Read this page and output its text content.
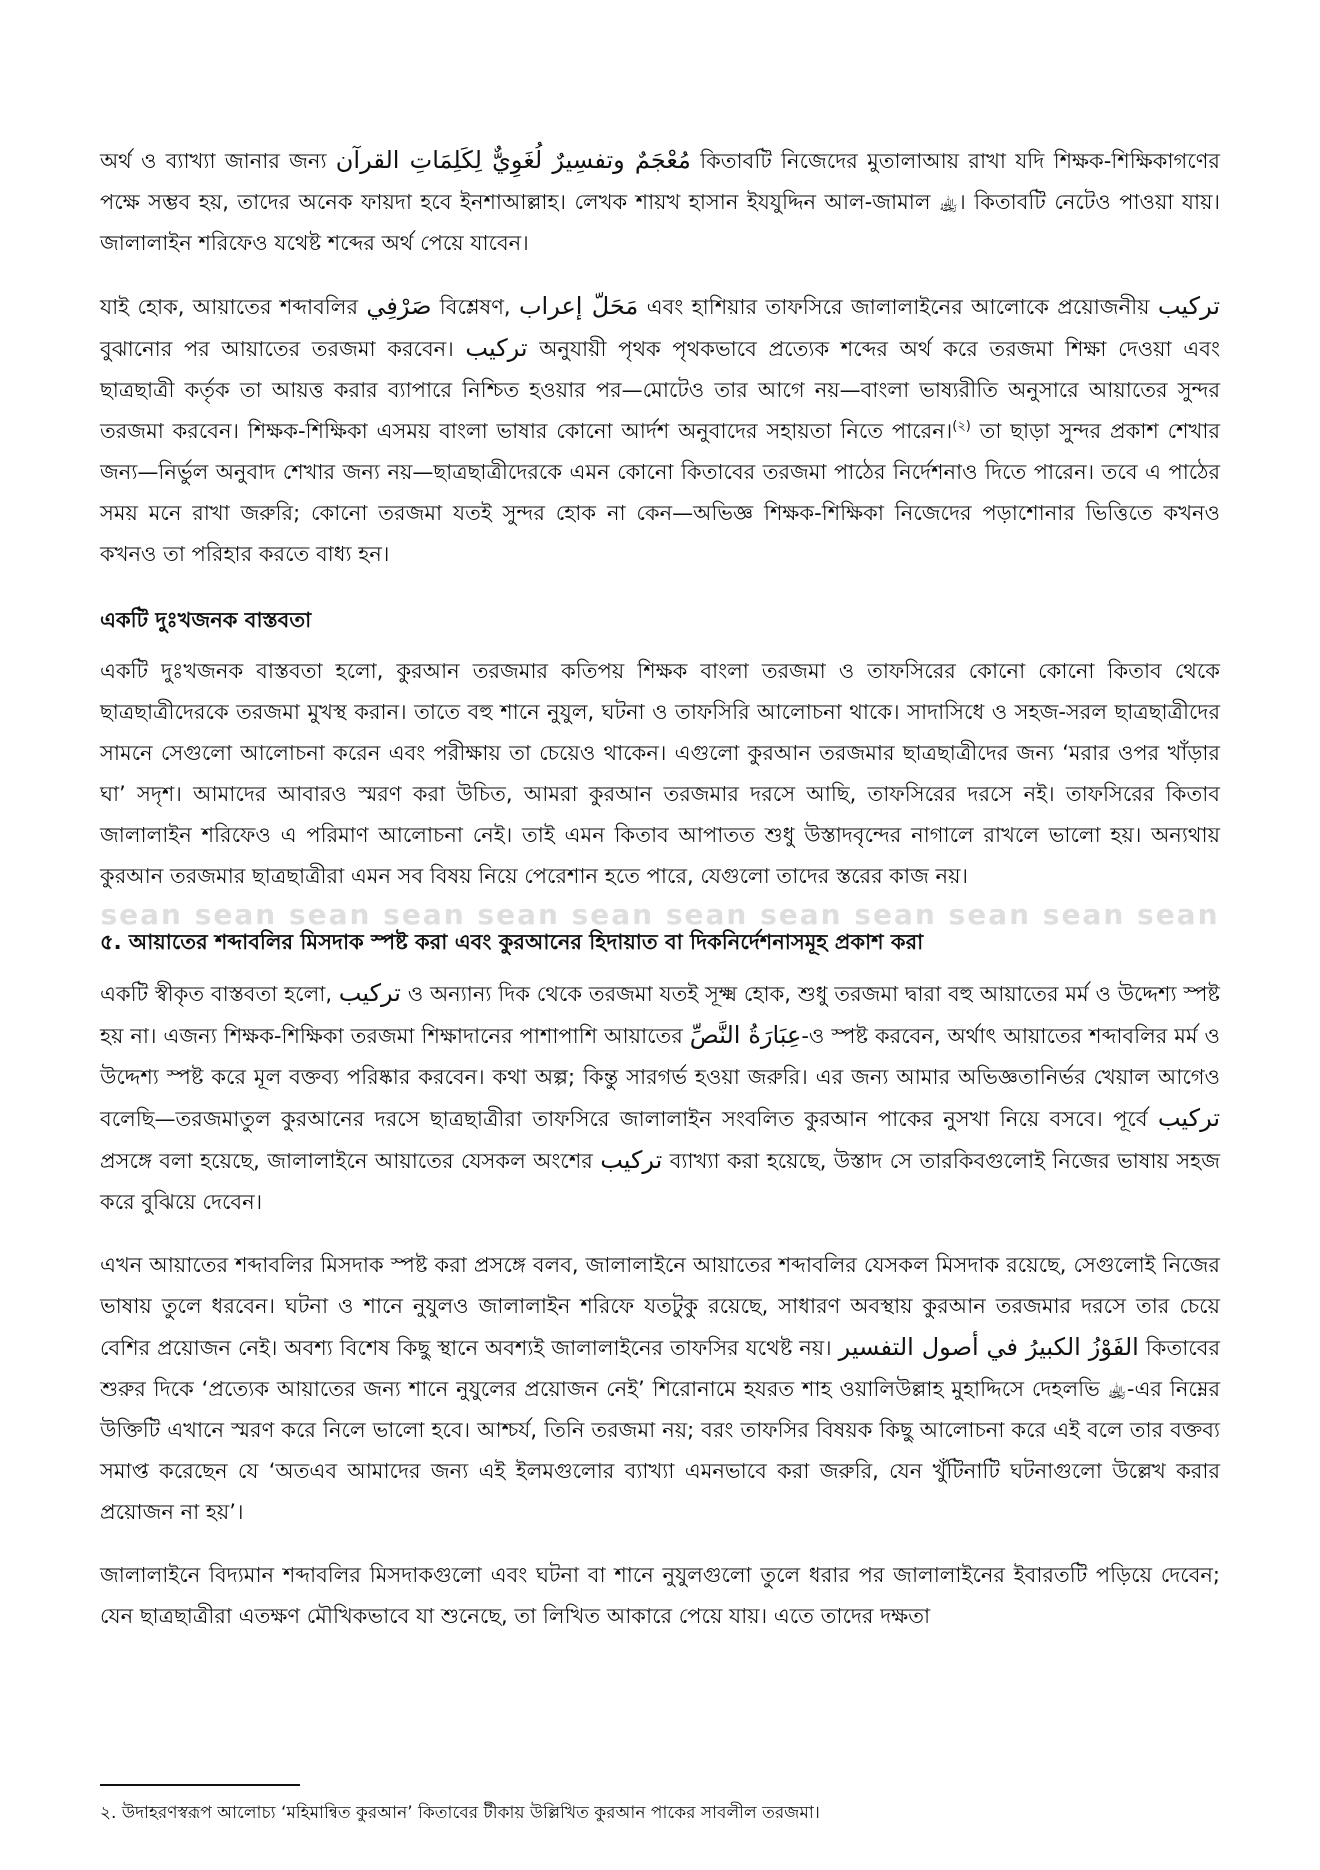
sean sean sean sean sean sean sean sean sean sean sean sean

অর্থ ও ব্যাখ্যা জানার জন্য مُعْجَمٌ وتفسِيرٌ لُغَوِيٌّ لِكَلِمَاتِ القرآن কিতাবটি নিজেদের মুতালাআয় রাখা যদি শিক্ষক-শিক্ষিকাগণের পক্ষে সম্ভব হয়, তাদের অনেক ফায়দা হবে ইনশাআল্লাহ। লেখক শায়খ হাসান ইযযুদ্দিন আল-জামাল ﵀। কিতাবটি নেটেও পাওয়া যায়। জালালাইন শরিফেও যথেষ্ট শব্দের অর্থ পেয়ে যাবেন।

যাই হোক, আয়াতের শব্দাবলির صَرْفِي বিশ্লেষণ, مَحَلّ إعراب এবং হাশিয়ার তাফসিরে জালালাইনের আলোকে প্রয়োজনীয় تركيب বুঝানোর পর আয়াতের তরজমা করবেন। تركيب অনুযায়ী পৃথক পৃথকভাবে প্রত্যেক শব্দের অর্থ করে তরজমা শিক্ষা দেওয়া এবং ছাত্রছাত্রী কর্তৃক তা আয়ত্ত করার ব্যাপারে নিশ্চিত হওয়ার পর—মোটেও তার আগে নয়—বাংলা ভাষ্যরীতি অনুসারে আয়াতের সুন্দর তরজমা করবেন। শিক্ষক-শিক্ষিকা এসময় বাংলা ভাষার কোনো আর্দশ অনুবাদের সহায়তা নিতে পারেন।$^{(২)}$ তা ছাড়া সুন্দর প্রকাশ শেখার জন্য—নির্ভুল অনুবাদ শেখার জন্য নয়—ছাত্রছাত্রীদেরকে এমন কোনো কিতাবের তরজমা পাঠের নির্দেশনাও দিতে পারেন। তবে এ পাঠের সময় মনে রাখা জরুরি; কোনো তরজমা যতই সুন্দর হোক না কেন—অভিজ্ঞ শিক্ষক-শিক্ষিকা নিজেদের পড়াশোনার ভিত্তিতে কখনও কখনও তা পরিহার করতে বাধ্য হন।

একটি দুঃখজনক বাস্তবতা

একটি দুঃখজনক বাস্তবতা হলো, কুরআন তরজমার কতিপয় শিক্ষক বাংলা তরজমা ও তাফসিরের কোনো কোনো কিতাব থেকে ছাত্রছাত্রীদেরকে তরজমা মুখস্থ করান। তাতে বহু শানে নুযুল, ঘটনা ও তাফসিরি আলোচনা থাকে। সাদাসিধে ও সহজ-সরল ছাত্রছাত্রীদের সামনে সেগুলো আলোচনা করেন এবং পরীক্ষায় তা চেয়েও থাকেন। এগুলো কুরআন তরজমার ছাত্রছাত্রীদের জন্য ‘মরার ওপর খাঁড়ার ঘা’ সদৃশ। আমাদের আবারও স্মরণ করা উচিত, আমরা কুরআন তরজমার দরসে আছি, তাফসিরের দরসে নই। তাফসিরের কিতাব জালালাইন শরিফেও এ পরিমাণ আলোচনা নেই। তাই এমন কিতাব আপাতত শুধু উস্তাদবৃন্দের নাগালে রাখলে ভালো হয়। অন্যথায় কুরআন তরজমার ছাত্রছাত্রীরা এমন সব বিষয় নিয়ে পেরেশান হতে পারে, যেগুলো তাদের স্তরের কাজ নয়।

৫. আয়াতের শব্দাবলির মিসদাক স্পষ্ট করা এবং কুরআনের হিদায়াত বা দিকনির্দেশনাসমূহ প্রকাশ করা

একটি স্বীকৃত বাস্তবতা হলো, تركيب ও অন্যান্য দিক থেকে তরজমা যতই সূক্ষ্ম হোক, শুধু তরজমা দ্বারা বহু আয়াতের মর্ম ও উদ্দেশ্য স্পষ্ট হয় না। এজন্য শিক্ষক-শিক্ষিকা তরজমা শিক্ষাদানের পাশাপাশি আয়াতের عِبَارَةُ النَّصِّ-ও স্পষ্ট করবেন, অর্থাৎ আয়াতের শব্দাবলির মর্ম ও উদ্দেশ্য স্পষ্ট করে মূল বক্তব্য পরিষ্কার করবেন। কথা অল্প; কিন্তু সারগর্ভ হওয়া জরুরি। এর জন্য আমার অভিজ্ঞতানির্ভর খেয়াল আগেও বলেছি—তরজমাতুল কুরআনের দরসে ছাত্রছাত্রীরা তাফসিরে জালালাইন সংবলিত কুরআন পাকের নুসখা নিয়ে বসবে। পূর্বে تركيب প্রসঙ্গে বলা হয়েছে, জালালাইনে আয়াতের যেসকল অংশের تركيب ব্যাখ্যা করা হয়েছে, উস্তাদ সে তারকিবগুলোই নিজের ভাষায় সহজ করে বুঝিয়ে দেবেন।

এখন আয়াতের শব্দাবলির মিসদাক স্পষ্ট করা প্রসঙ্গে বলব, জালালাইনে আয়াতের শব্দাবলির যেসকল মিসদাক রয়েছে, সেগুলোই নিজের ভাষায় তুলে ধরবেন। ঘটনা ও শানে নুযুলও জালালাইন শরিফে যতটুকু রয়েছে, সাধারণ অবস্থায় কুরআন তরজমার দরসে তার চেয়ে বেশির প্রয়োজন নেই। অবশ্য বিশেষ কিছু স্থানে অবশ্যই জালালাইনের তাফসির যথেষ্ট নয়। الفَوْزُ الكبيرُ في أصول التفسير কিতাবের শুরুর দিকে ‘প্রত্যেক আয়াতের জন্য শানে নুযুলের প্রয়োজন নেই’ শিরোনামে হযরত শাহ ওয়ালিউল্লাহ মুহাদ্দিসে দেহলভি ﵀-এর নিম্নের উক্তিটি এখানে স্মরণ করে নিলে ভালো হবে। আশ্চর্য, তিনি তরজমা নয়; বরং তাফসির বিষয়ক কিছু আলোচনা করে এই বলে তার বক্তব্য সমাপ্ত করেছেন যে ‘অতএব আমাদের জন্য এই ইলমগুলোর ব্যাখ্যা এমনভাবে করা জরুরি, যেন খুঁটিনাটি ঘটনাগুলো উল্লেখ করার প্রয়োজন না হয়’।

জালালাইনে বিদ্যমান শব্দাবলির মিসদাকগুলো এবং ঘটনা বা শানে নুযুলগুলো তুলে ধরার পর জালালাইনের ইবারতটি পড়িয়ে দেবেন; যেন ছাত্রছাত্রীরা এতক্ষণ মৌখিকভাবে যা শুনেছে, তা লিখিত আকারে পেয়ে যায়। এতে তাদের দক্ষতা

২. উদাহরণস্বরূপ আলোচ্য ‘মহিমান্বিত কুরআন’ কিতাবের টীকায় উল্লিখিত কুরআন পাকের সাবলীল তরজমা।
